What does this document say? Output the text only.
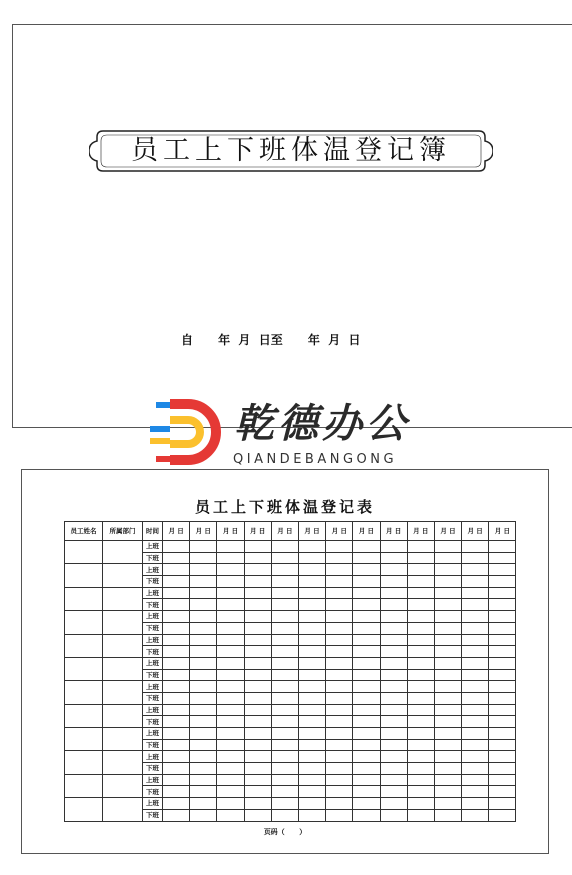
员工上下班体温登记簿
自      年  月  日至      年  月  日
乾德办公
QIANDEBANGONG
员工上下班体温登记表
员工姓名	所属部门	时间	月 日	月 日	月 日	月 日	月 日	月 日	月 日	月 日	月 日	月 日	月 日	月 日	月 日
		上班													
		下班													
		上班													
		下班													
		上班													
		下班													
		上班													
		下班													
		上班													
		下班													
		上班													
		下班													
		上班													
		下班													
		上班													
		下班													
		上班													
		下班													
		上班													
		下班													
		上班													
		下班													
		上班													
		下班													
页码（      ）
